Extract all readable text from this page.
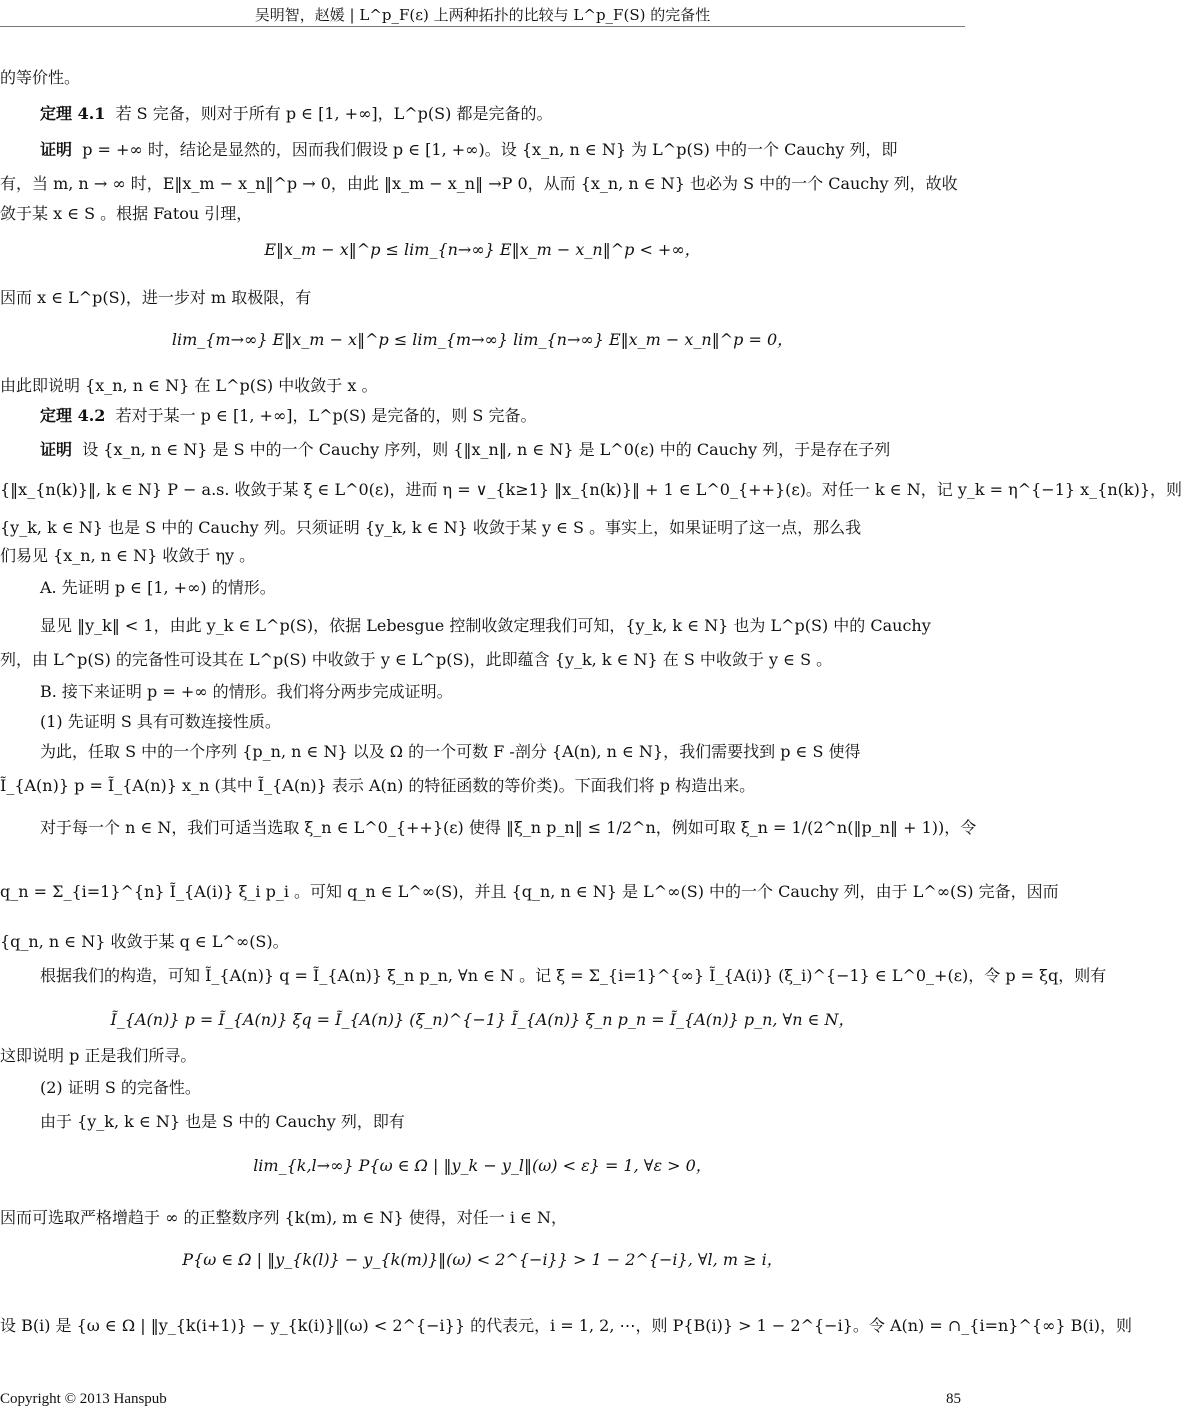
吴明智，赵媛 | L^p_F(ε) 上两种拓扑的比较与 L^p_F(S) 的完备性
的等价性。
定理 4.1 若 S 完备，则对于所有 p ∈ [1, +∞]，L^p(S) 都是完备的。
证明 p = +∞ 时，结论是显然的，因而我们假设 p ∈ [1, +∞)。设 {x_n, n ∈ N} 为 L^p(S) 中的一个 Cauchy 列，即
有，当 m, n → ∞ 时，E‖x_m − x_n‖^p → 0，由此 ‖x_m − x_n‖ →P 0，从而 {x_n, n ∈ N} 也必为 S 中的一个 Cauchy 列，故收
敛于某 x ∈ S 。根据 Fatou 引理，
E‖x_m − x‖^p ≤ lim_{n→∞} E‖x_m − x_n‖^p < +∞，
因而 x ∈ L^p(S)，进一步对 m 取极限，有
lim_{m→∞} E‖x_m − x‖^p ≤ lim_{m→∞} lim_{n→∞} E‖x_m − x_n‖^p = 0，
由此即说明 {x_n, n ∈ N} 在 L^p(S) 中收敛于 x 。
定理 4.2 若对于某一 p ∈ [1, +∞]，L^p(S) 是完备的，则 S 完备。
证明 设 {x_n, n ∈ N} 是 S 中的一个 Cauchy 序列，则 {‖x_n‖, n ∈ N} 是 L^0(ε) 中的 Cauchy 列，于是存在子列
{‖x_{n(k)}‖, k ∈ N} P − a.s. 收敛于某 ξ ∈ L^0(ε)，进而 η = ∨_{k≥1} ‖x_{n(k)}‖ + 1 ∈ L^0_{++}(ε)。对任一 k ∈ N，记 y_k = η^{−1} x_{n(k)}，则
{y_k, k ∈ N} 也是 S 中的 Cauchy 列。只须证明 {y_k, k ∈ N} 收敛于某 y ∈ S 。事实上，如果证明了这一点，那么我
们易见 {x_n, n ∈ N} 收敛于 ηy 。
A. 先证明 p ∈ [1, +∞) 的情形。
显见 ‖y_k‖ < 1，由此 y_k ∈ L^p(S)，依据 Lebesgue 控制收敛定理我们可知，{y_k, k ∈ N} 也为 L^p(S) 中的 Cauchy
列，由 L^p(S) 的完备性可设其在 L^p(S) 中收敛于 y ∈ L^p(S)，此即蕴含 {y_k, k ∈ N} 在 S 中收敛于 y ∈ S 。
B. 接下来证明 p = +∞ 的情形。我们将分两步完成证明。
(1) 先证明 S 具有可数连接性质。
为此，任取 S 中的一个序列 {p_n, n ∈ N} 以及 Ω 的一个可数 F -剖分 {A(n), n ∈ N}，我们需要找到 p ∈ S 使得
Ĩ_{A(n)} p = Ĩ_{A(n)} x_n (其中 Ĩ_{A(n)} 表示 A(n) 的特征函数的等价类)。下面我们将 p 构造出来。
对于每一个 n ∈ N，我们可适当选取 ξ_n ∈ L^0_{++}(ε) 使得 ‖ξ_n p_n‖ ≤ 1/2^n，例如可取 ξ_n = 1/(2^n(‖p_n‖ + 1))，令
q_n = Σ_{i=1}^{n} Ĩ_{A(i)} ξ_i p_i 。可知 q_n ∈ L^∞(S)，并且 {q_n, n ∈ N} 是 L^∞(S) 中的一个 Cauchy 列，由于 L^∞(S) 完备，因而
{q_n, n ∈ N} 收敛于某 q ∈ L^∞(S)。
根据我们的构造，可知 Ĩ_{A(n)} q = Ĩ_{A(n)} ξ_n p_n, ∀n ∈ N 。记 ξ = Σ_{i=1}^{∞} Ĩ_{A(i)} (ξ_i)^{−1} ∈ L^0_+(ε)，令 p = ξq，则有
Ĩ_{A(n)} p = Ĩ_{A(n)} ξq = Ĩ_{A(n)} (ξ_n)^{−1} Ĩ_{A(n)} ξ_n p_n = Ĩ_{A(n)} p_n, ∀n ∈ N，
这即说明 p 正是我们所寻。
(2) 证明 S 的完备性。
由于 {y_k, k ∈ N} 也是 S 中的 Cauchy 列，即有
lim_{k,l→∞} P{ω ∈ Ω | ‖y_k − y_l‖(ω) < ε} = 1, ∀ε > 0，
因而可选取严格增趋于 ∞ 的正整数序列 {k(m), m ∈ N} 使得，对任一 i ∈ N，
P{ω ∈ Ω | ‖y_{k(l)} − y_{k(m)}‖(ω) < 2^{−i}} > 1 − 2^{−i}, ∀l, m ≥ i，
设 B(i) 是 {ω ∈ Ω | ‖y_{k(i+1)} − y_{k(i)}‖(ω) < 2^{−i}} 的代表元，i = 1, 2, ⋯，则 P{B(i)} > 1 − 2^{−i}。令 A(n) = ∩_{i=n}^{∞} B(i)，则
Copyright © 2013 Hanspub	85
